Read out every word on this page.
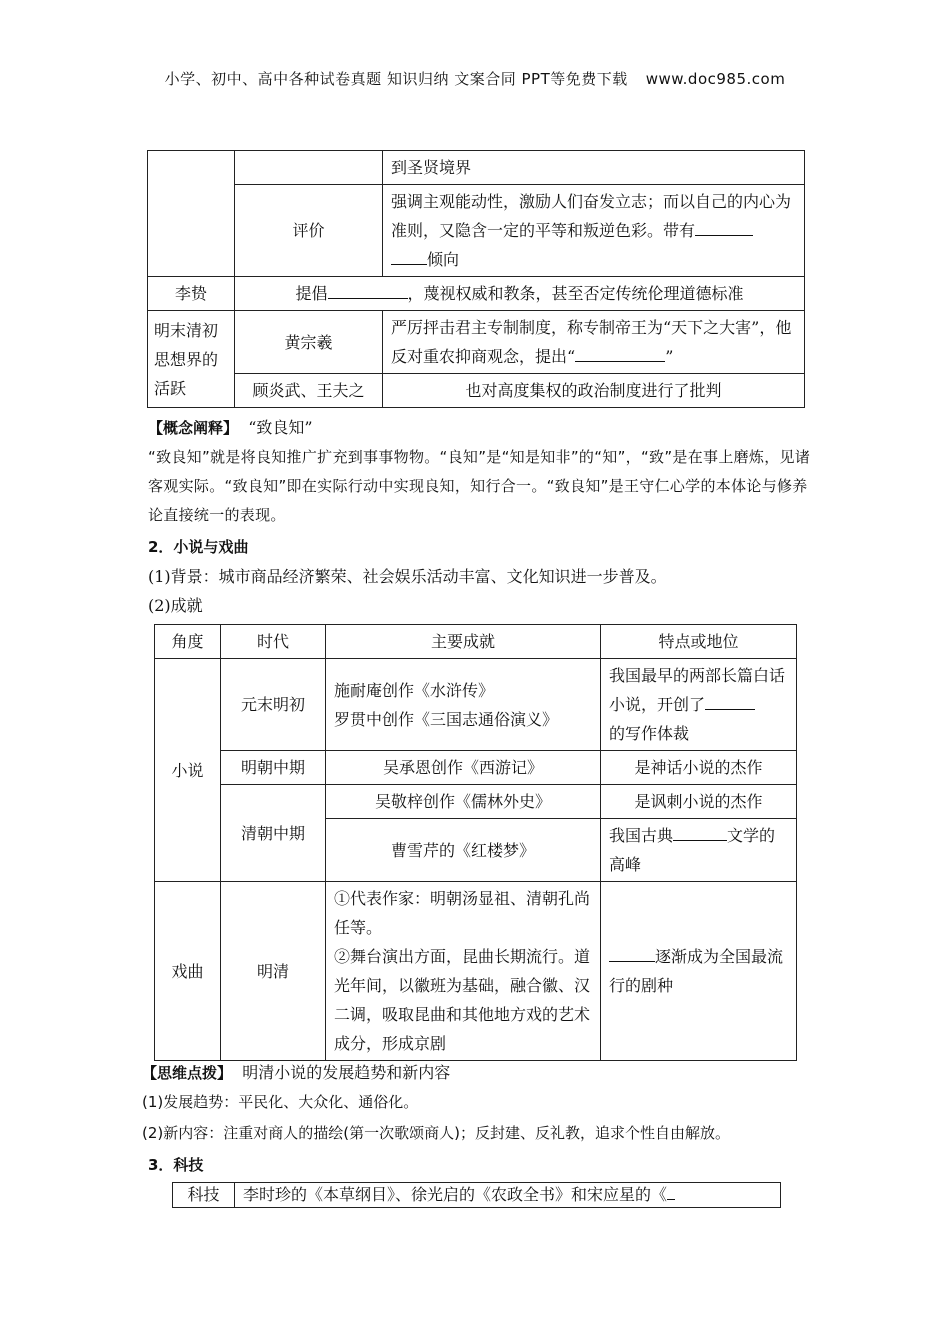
小学、初中、高中各种试卷真题 知识归纳 文案合同 PPT等免费下载 www.doc985.com
		到圣贤境界
	评价	强调主观能动性，激励人们奋发立志；而以自己的内心为准则，又隐含一定的平等和叛逆色彩。带有
倾向
李贽	提倡 ，蔑视权威和教条，甚至否定传统伦理道德标准	
明末清初思想界的活跃	黄宗羲	严厉抨击君主专制制度，称专制帝王为“天下之大害”，他反对重农抑商观念，提出“ ”
	顾炎武、王夫之	也对高度集权的政治制度进行了批判

【概念阐释】 “致良知”

“致良知”就是将良知推广扩充到事事物物。“良知”是“知是知非”的“知”，“致”是在事上磨炼，见诸客观实际。“致良知”即在实际行动中实现良知，知行合一。“致良知”是王守仁心学的本体论与修养论直接统一的表现。

2．小说与戏曲
(1)背景：城市商品经济繁荣、社会娱乐活动丰富、文化知识进一步普及。
(2)成就
角度	时代	主要成就	特点或地位
小说	元末明初	施耐庵创作《水浒传》
罗贯中创作《三国志通俗演义》	我国最早的两部长篇白话小说，开创了
的写作体裁
	明朝中期	吴承恩创作《西游记》	是神话小说的杰作
	清朝中期	吴敬梓创作《儒林外史》	是讽刺小说的杰作
		曹雪芹的《红楼梦》	我国古典 文学的高峰
戏曲	明清	①代表作家：明朝汤显祖、清朝孔尚任等。
②舞台演出方面，昆曲长期流行。道光年间，以徽班为基础，融合徽、汉二调，吸取昆曲和其他地方戏的艺术成分，形成京剧	逐渐成为全国最流行的剧种
【思维点拨】 明清小说的发展趋势和新内容
(1)发展趋势：平民化、大众化、通俗化。
(2)新内容：注重对商人的描绘(第一次歌颂商人)；反封建、反礼教，追求个性自由解放。
3．科技
科技	李时珍的《本草纲目》、徐光启的《农政全书》和宋应星的《
